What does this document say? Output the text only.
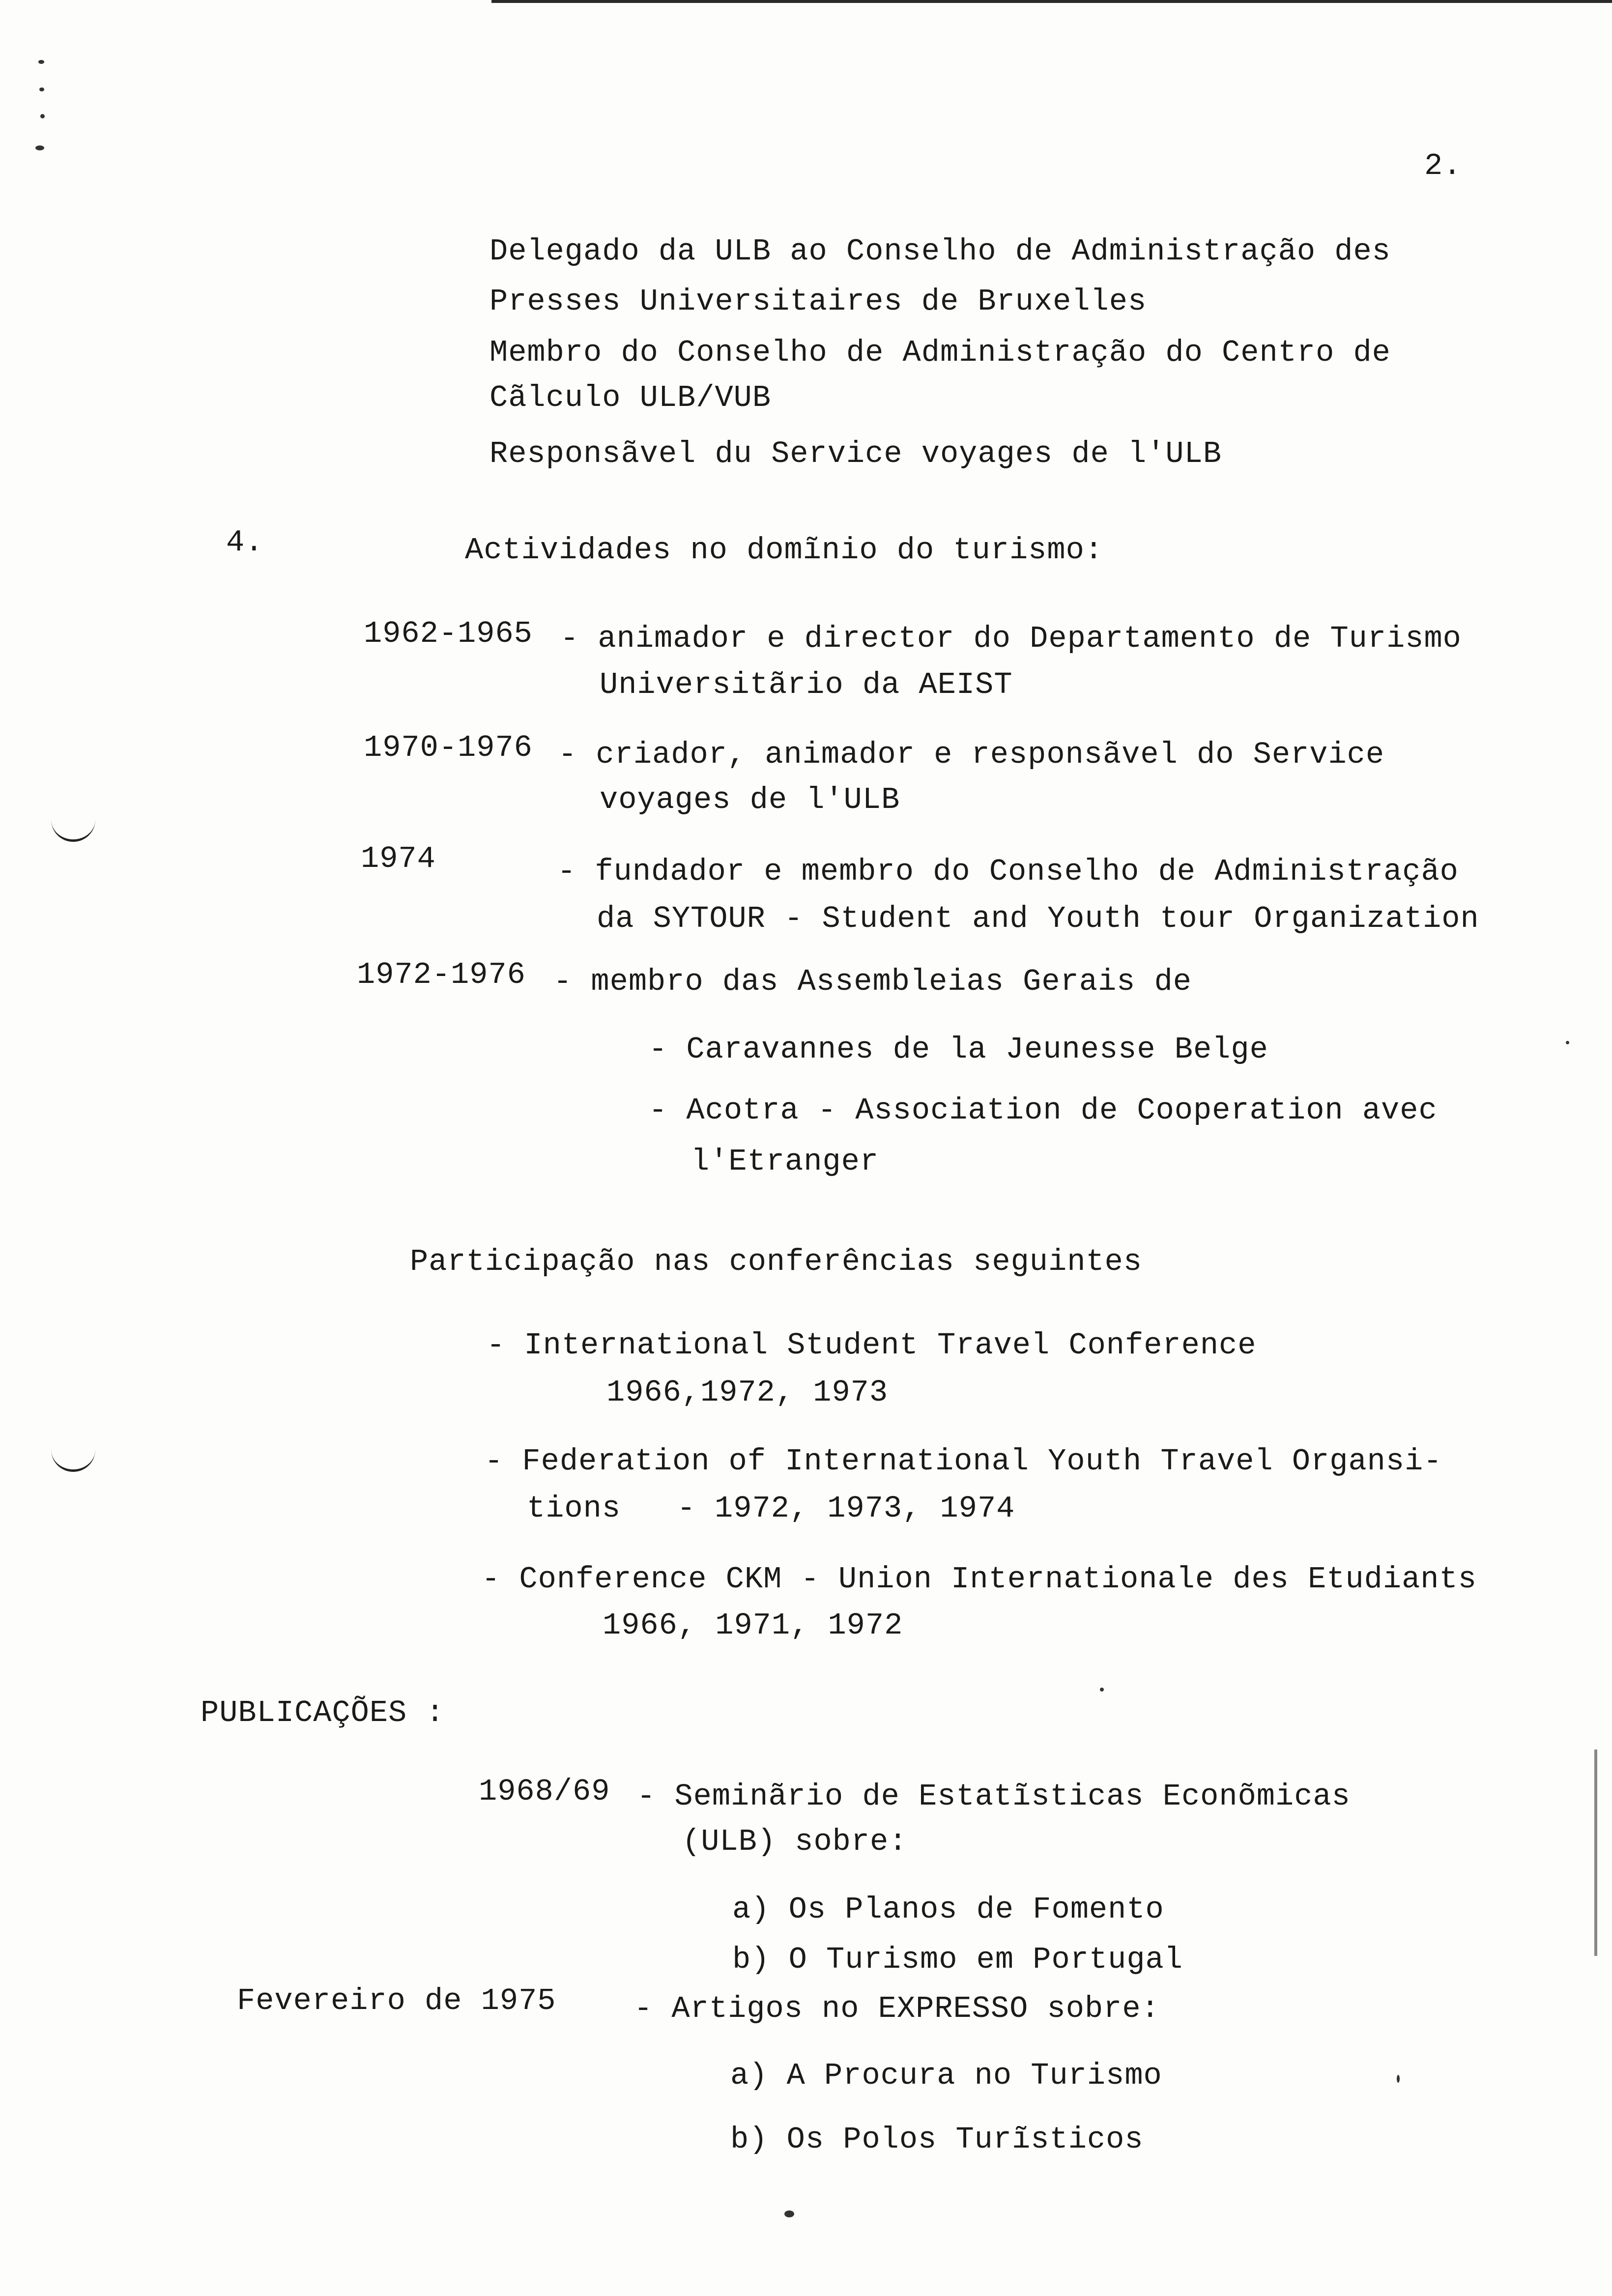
2.
Delegado da ULB ao Conselho de Administração des
Presses Universitaires de Bruxelles
Membro do Conselho de Administração do Centro de
Cãlculo ULB/VUB
Responsãvel du Service voyages de l'ULB
4.	Actividades no domĩnio do turismo:
1962-1965 - animador e director do Departamento de Turismo
Universitãrio da AEIST
1970-1976 - criador, animador e responsãvel do Service
voyages de l'ULB
1974	- fundador e membro do Conselho de Administração
da SYTOUR - Student and Youth tour Organization
1972-1976 - membro das Assembleias Gerais de
- Caravannes de la Jeunesse Belge
- Acotra - Association de Cooperation avec
l'Etranger
Participação nas conferências seguintes
- International Student Travel Conference
1966,1972, 1973
- Federation of International Youth Travel Organsi-
tions   - 1972, 1973, 1974
- Conference CKM - Union Internationale des Etudiants
1966, 1971, 1972
PUBLICAÇÕES :
1968/69 - Seminãrio de Estatĩsticas Econõmicas
(ULB) sobre:
a) Os Planos de Fomento
b) O Turismo em Portugal
Fevereiro de 1975	- Artigos no EXPRESSO sobre:
a) A Procura no Turismo
b) Os Polos Turĩsticos
